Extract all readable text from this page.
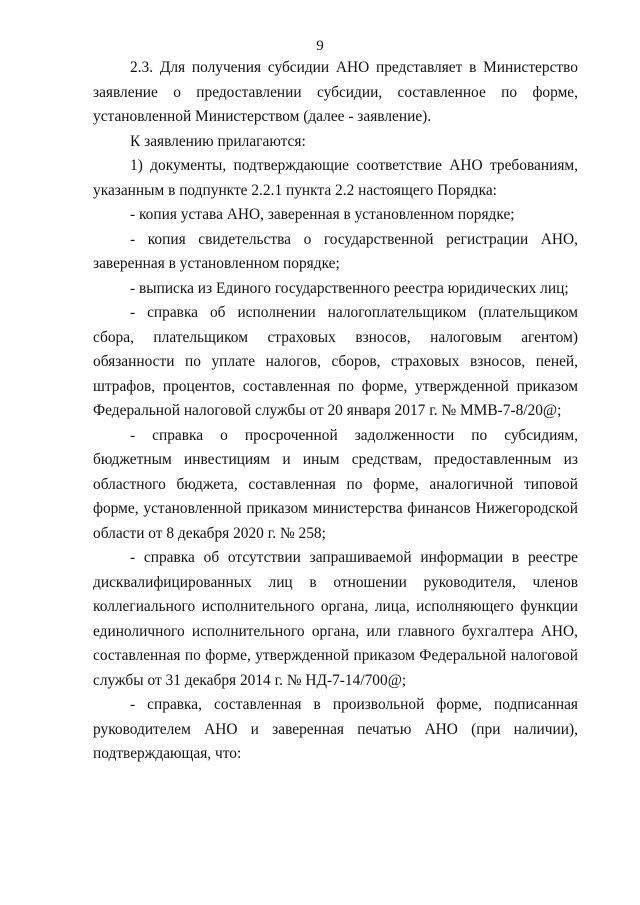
9

2.3. Для получения субсидии АНО представляет в Министерство заявление о предоставлении субсидии, составленное по форме, установленной Министерством (далее - заявление).

К заявлению прилагаются:

1) документы, подтверждающие соответствие АНО требованиям, указанным в подпункте 2.2.1 пункта 2.2 настоящего Порядка:

- копия устава АНО, заверенная в установленном порядке;

- копия свидетельства о государственной регистрации АНО, заверенная в установленном порядке;

- выписка из Единого государственного реестра юридических лиц;

- справка об исполнении налогоплательщиком (плательщиком сбора, плательщиком страховых взносов, налоговым агентом) обязанности по уплате налогов, сборов, страховых взносов, пеней, штрафов, процентов, составленная по форме, утвержденной приказом Федеральной налоговой службы от 20 января 2017 г. № ММВ-7-8/20@;

- справка о просроченной задолженности по субсидиям, бюджетным инвестициям и иным средствам, предоставленным из областного бюджета, составленная по форме, аналогичной типовой форме, установленной приказом министерства финансов Нижегородской области от 8 декабря 2020 г. № 258;

- справка об отсутствии запрашиваемой информации в реестре дисквалифицированных лиц в отношении руководителя, членов коллегиального исполнительного органа, лица, исполняющего функции единоличного исполнительного органа, или главного бухгалтера АНО, составленная по форме, утвержденной приказом Федеральной налоговой службы от 31 декабря 2014 г. № НД-7-14/700@;

- справка, составленная в произвольной форме, подписанная руководителем АНО и заверенная печатью АНО (при наличии), подтверждающая, что:
